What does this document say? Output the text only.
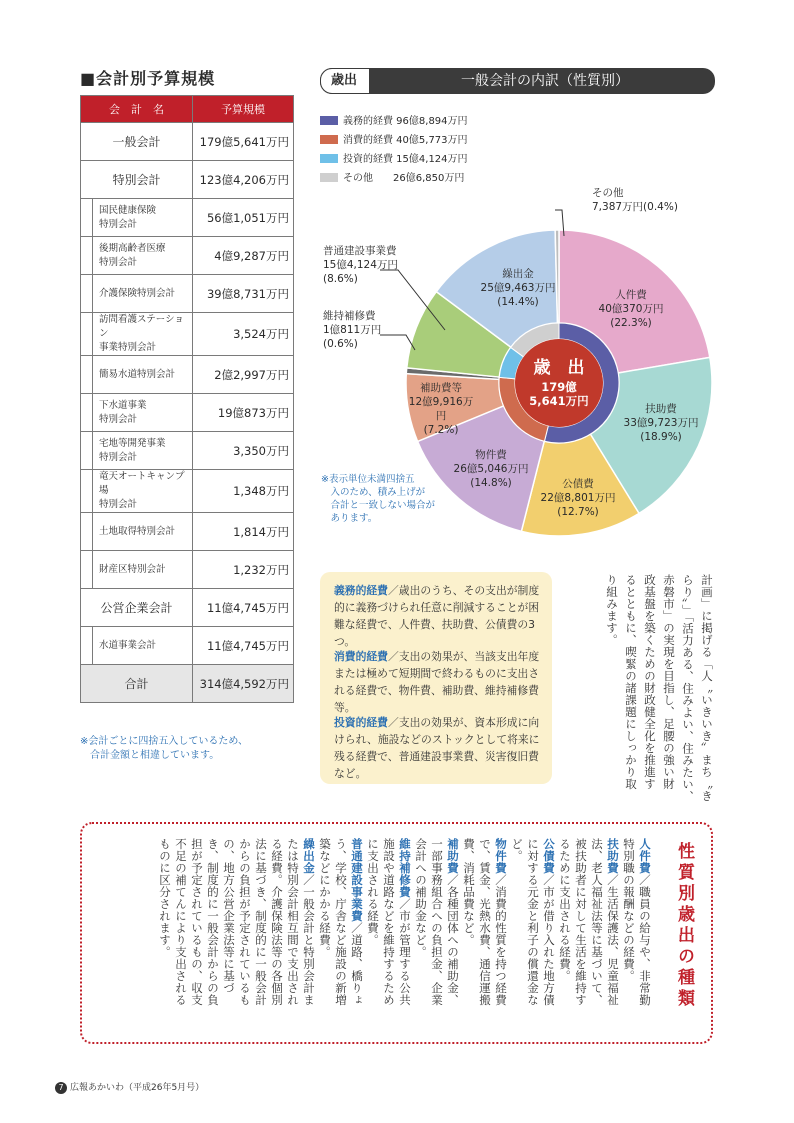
■会計別予算規模
会　計　名		予算規模
一般会計		179億5,641万円
特別会計		123億4,206万円
	国民健康保険
特別会計	56億1,051万円
	後期高齢者医療
特別会計	4億9,287万円
	介護保険特別会計	39億8,731万円
	訪問看護ステーション
事業特別会計	3,524万円
	簡易水道特別会計	2億2,997万円
	下水道事業
特別会計	19億873万円
	宅地等開発事業
特別会計	3,350万円
	竜天オートキャンプ場
特別会計	1,348万円
	土地取得特別会計	1,814万円
	財産区特別会計	1,232万円
公営企業会計		11億4,745万円
	水道事業会計	11億4,745万円
合計		314億4,592万円
※会計ごとに四捨五入しているため、
　合計金額と相違しています。
歳出	一般会計の内訳（性質別）
義務的経費 96億8,894万円
消費的経費 40億5,773万円
投資的経費 15億4,124万円
その他　　26億6,850万円
歳　出
179億
5,641万円
人件費
40億370万円
(22.3%)
扶助費
33億9,723万円
(18.9%)
公債費
22億8,801万円
(12.7%)
物件費
26億5,046万円
(14.8%)
補助費等
12億9,916万円
(7.2%)
維持補修費
1億811万円
(0.6%)
普通建設事業費
15億4,124万円
(8.6%)	繰出金
25億9,463万円
(14.4%)
その他
7,387万円(0.4%)
※表示単位未満四捨五
　入のため、積み上げが
　合計と一致しない場合が
　あります。
義務的経費／歳出のうち、その支出が制度的に義務づけられ任意に削減することが困難な経費で、人件費、扶助費、公債費の3つ。
消費的経費／支出の効果が、当該支出年度または極めて短期間で終わるものに支出される経費で、物件費、補助費、維持補修費等。
投資的経費／支出の効果が、資本形成に向けられ、施設などのストックとして将来に残る経費で、普通建設事業費、災害復旧費など。	計画」に掲げる「人〝いきいき〟まち〝き
らり〟」「活力ある、住みよい、住みたい、
赤磐市」の実現を目指し、足腰の強い財
政基盤を築くための財政健全化を推進す
るとともに、喫緊の諸課題にしっかり取
り組みます。
性質別歳出の種類
人件費／職員の給与や、非常勤特別職の報酬などの経費。
扶助費／生活保護法、児童福祉法、老人福祉法等に基づいて、被扶助者に対して生活を維持するために支出される経費。
公債費／市が借り入れた地方債に対する元金と利子の償還金など。
物件費／消費的性質を持つ経費で、賃金、光熱水費、通信運搬費、消耗品費など。
補助費／各種団体への補助金、一部事務組合への負担金、企業会計への補助金など。
維持補修費／市が管理する公共施設や道路などを維持するために支出される経費。
普通建設事業費／道路、橋りょう、学校、庁舎など施設の新増築などにかかる経費。
繰出金／一般会計と特別会計または特別会計相互間で支出される経費。介護保険法等の各個別法に基づき、制度的に一般会計からの負担が予定されているもの、地方公営企業法等に基づき、制度的に一般会計からの負担が予定されているもの、収支不足の補てんにより支出されるものに区分されます。
7 広報あかいわ（平成26年5月号）
